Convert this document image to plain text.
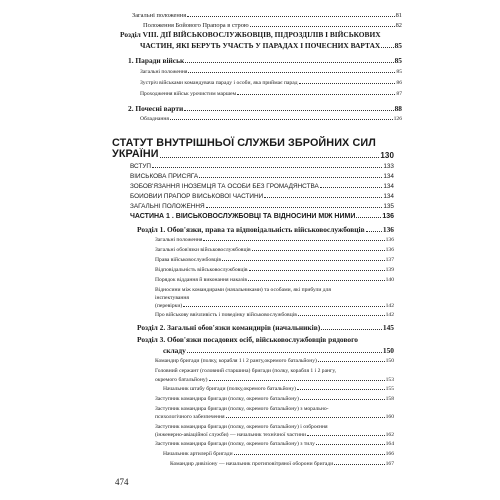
Загальні положення	81
Положення Бойового Прапора в строю	82
Розділ VIII. ДІЇ ВІЙСЬКОВОСЛУЖБОВЦІВ, ПІДРОЗДІЛІВ І ВІЙСЬКОВИХ
ЧАСТИН, ЯКІ БЕРУТЬ УЧАСТЬ У ПАРАДАХ І ПОЧЕСНИХ ВАРТАХ 85
1. Паради військ	85
Загальні положення	85
Зустріч військами командувача параду і особи, яка приймає парад	86
Проходження військ урочистим маршем	87
2. Почесні варти	88
Обладнання	126
СТАТУТ ВНУТРІШНЬОЇ СЛУЖБИ ЗБРОЙНИХ СИЛ
УКРАЇНИ	130
ВСТУП	133
ВІЙСЬКОВА ПРИСЯГА	134
ЗОБОВ'ЯЗАННЯ ІНОЗЕМЦЯ ТА ОСОБИ БЕЗ ГРОМАДЯНСТВА	134
БОЙОВИЙ ПРАПОР ВІЙСЬКОВОЇ ЧАСТИНИ	134
ЗАГАЛЬНІ ПОЛОЖЕННЯ	135
ЧАСТИНА 1 . ВІЙСЬКОВОСЛУЖБОВЦІ ТА ВІДНОСИНИ МІЖ НИМИ	136
Розділ 1. Обов'язки, права та відповідальність військовослужбовців 136
Загальні положення	136
Загальні обов'язки військовослужбовців	136
Права військовослужбовців	137
Відповідальність військовослужбовців	139
Порядок віддання й виконання наказів	140
Відносини між командирами (начальниками) та особами, які прибули для
інспектування
(перевірки)	142
Про військову ввічливість і поведінку військовослужбовців	142
Розділ 2. Загальні обов'язки командирів (начальників)	145
Розділ 3. Обов'язки посадових осіб, військовослужбовців рядового
складу	150
Командир бригади (полку, корабля 1 і 2 рангу,окремого батальйону)	150
Головний сержант (головний старшина) бригади (полку, корабля 1 і 2 рангу,
окремого батальйону)	153
Начальник штабу бригади (полку,окремого батальйону)	155
Заступник командира бригади (полку, окремого батальйону)	158
Заступник командира бригади (полку, окремого батальйону) з морально-
психологічного забезпечення	160
Заступник командира бригади (полку, окремого батальйону) і озброєння
(інженерно-авіаційної служби) — начальник технічної частини	162
Заступник командира бригади (полку, окремого батальйону) з тилу	164
Начальник артилерії бригади	166
Командир дивізіону — начальник протиповітряної оборони бригади	167
474
